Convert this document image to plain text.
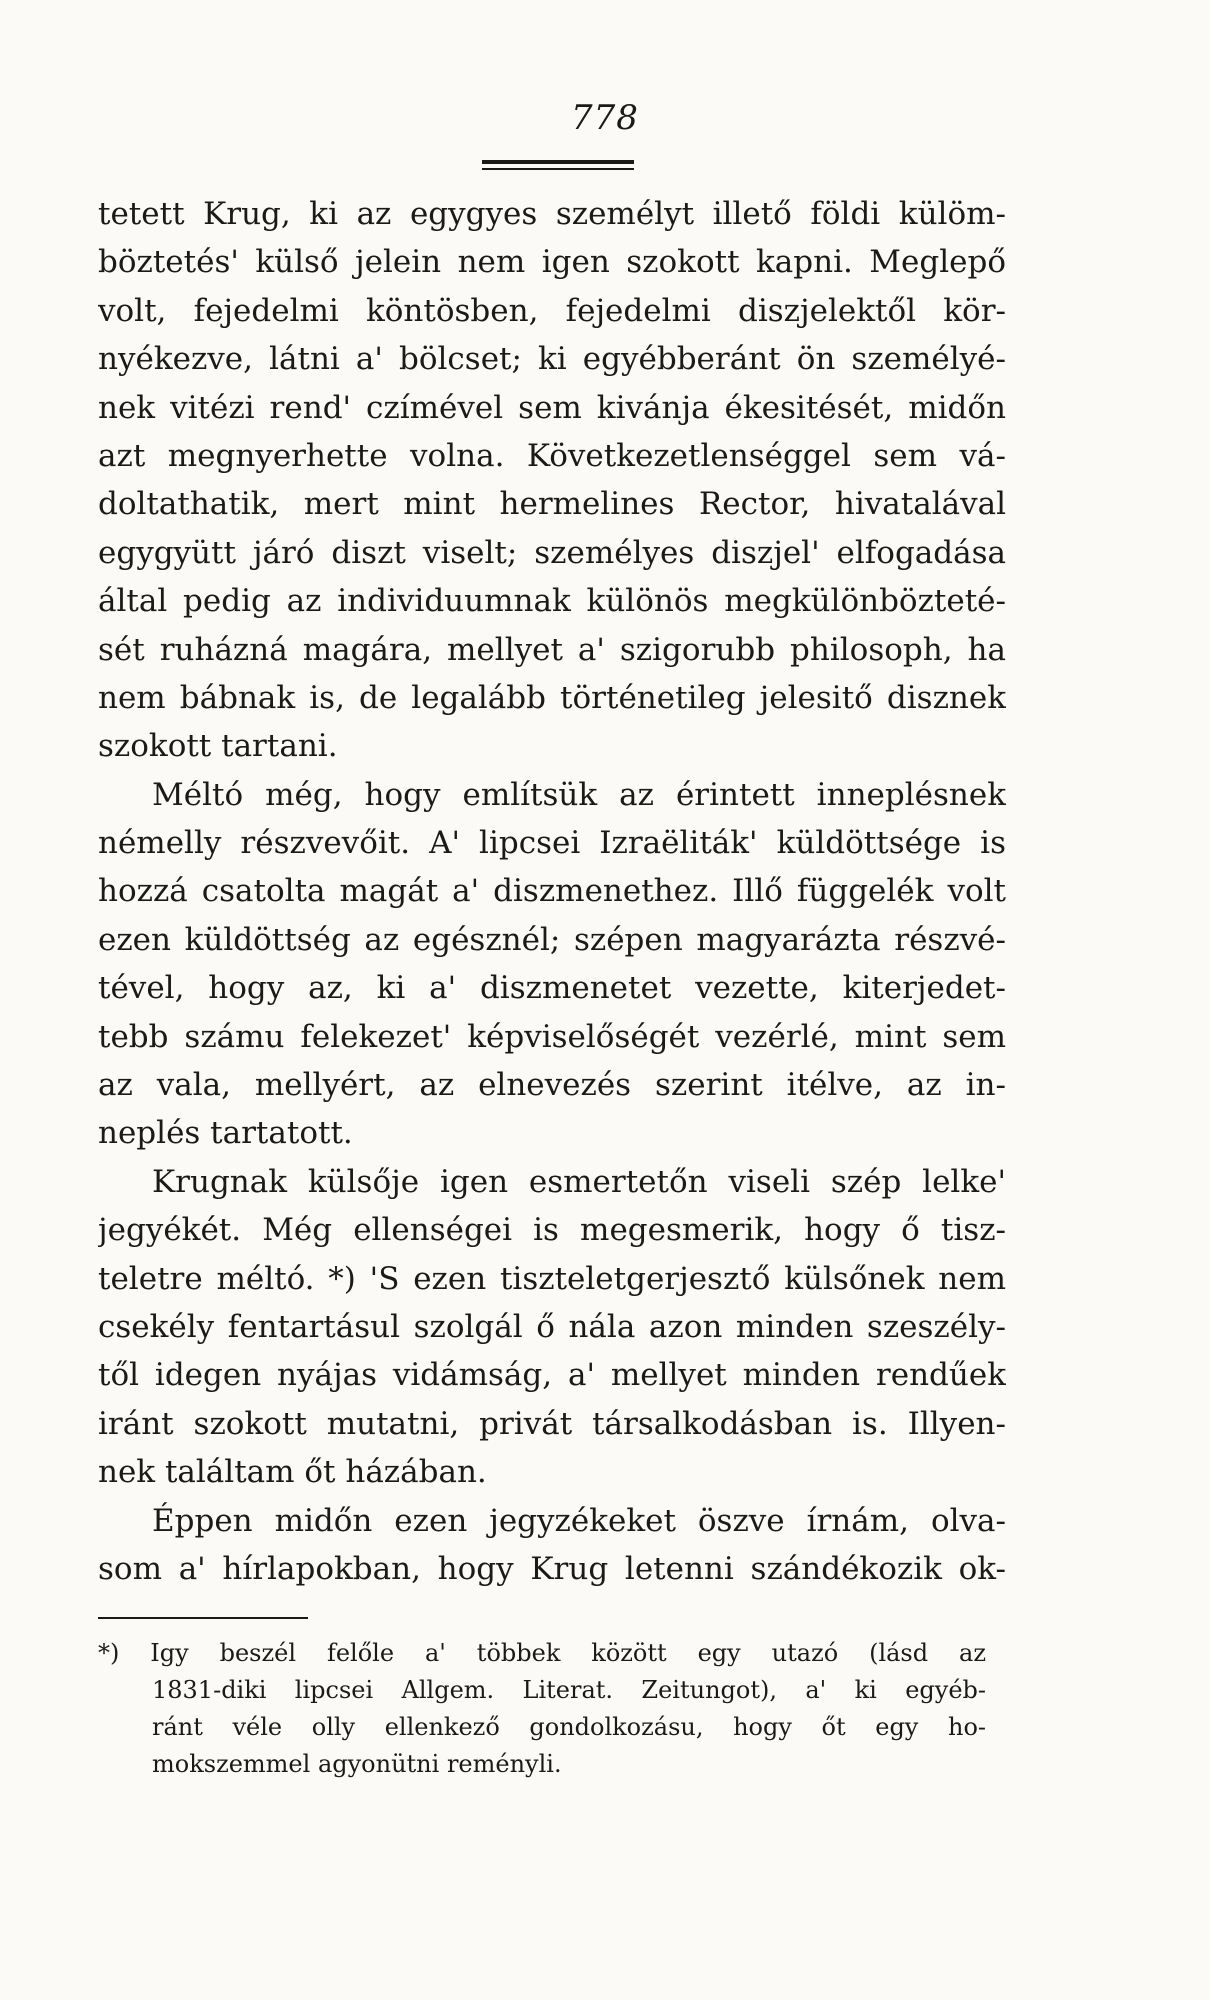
778
tetett Krug, ki az egygyes személyt illető földi külöm-
böztetés' külső jelein nem igen szokott kapni. Meglepő
volt, fejedelmi köntösben, fejedelmi diszjelektől kör-
nyékezve, látni a' bölcset; ki egyébberánt ön személyé-
nek vitézi rend' czímével sem kivánja ékesitését, midőn
azt megnyerhette volna. Következetlenséggel sem vá-
doltathatik, mert mint hermelines Rector, hivatalával
egygyütt járó diszt viselt; személyes diszjel' elfogadása
által pedig az individuumnak különös megkülönbözteté-
sét ruházná magára, mellyet a' szigorubb philosoph, ha
nem bábnak is, de legalább történetileg jelesitő disznek
szokott tartani.
Méltó még, hogy említsük az érintett inneplésnek
némelly részvevőit. A' lipcsei Izraëliták' küldöttsége is
hozzá csatolta magát a' diszmenethez. Illő függelék volt
ezen küldöttség az egésznél; szépen magyarázta részvé-
tével, hogy az, ki a' diszmenetet vezette, kiterjedet-
tebb számu felekezet' képviselőségét vezérlé, mint sem
az vala, mellyért, az elnevezés szerint itélve, az in-
neplés tartatott.
Krugnak külsője igen esmertetőn viseli szép lelke'
jegyékét. Még ellenségei is megesmerik, hogy ő tisz-
teletre méltó. *) 'S ezen tiszteletgerjesztő külsőnek nem
csekély fentartásul szolgál ő nála azon minden szeszély-
től idegen nyájas vidámság, a' mellyet minden rendűek
iránt szokott mutatni, privát társalkodásban is. Illyen-
nek találtam őt házában.
Éppen midőn ezen jegyzékeket öszve írnám, olva-
som a' hírlapokban, hogy Krug letenni szándékozik ok-
*) Igy beszél felőle a' többek között egy utazó (lásd az
1831-diki lipcsei Allgem. Literat. Zeitungot), a' ki egyéb-
ránt véle olly ellenkező gondolkozásu, hogy őt egy ho-
mokszemmel agyonütni reményli.
